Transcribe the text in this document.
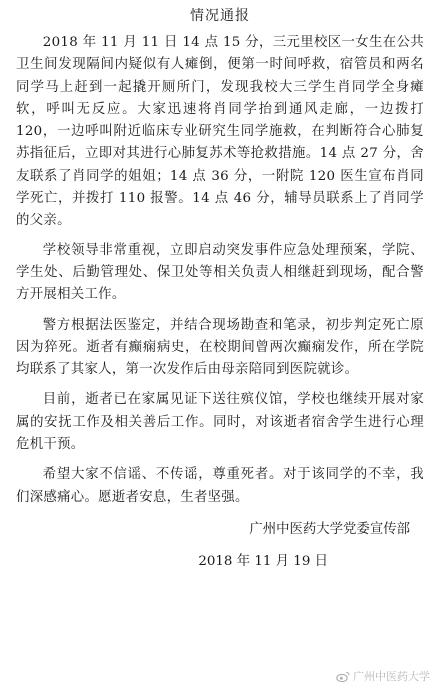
情况通报

2018 年 11 月 11 日 14 点 15 分，三元里校区一女生在公共卫生间发现隔间内疑似有人瘫倒，便第一时间呼救，宿管员和两名同学马上赶到一起撬开厕所门，发现我校大三学生肖同学全身瘫软，呼叫无反应。大家迅速将肖同学抬到通风走廊，一边拨打 120，一边呼叫附近临床专业研究生同学施救，在判断符合心肺复苏指征后，立即对其进行心肺复苏术等抢救措施。14 点 27 分，舍友联系了肖同学的姐姐；14 点 36 分，一附院 120 医生宣布肖同学死亡，并拨打 110 报警。14 点 46 分，辅导员联系上了肖同学的父亲。

学校领导非常重视，立即启动突发事件应急处理预案，学院、学生处、后勤管理处、保卫处等相关负责人相继赶到现场，配合警方开展相关工作。

警方根据法医鉴定，并结合现场勘查和笔录，初步判定死亡原因为猝死。逝者有癫痫病史，在校期间曾两次癫痫发作，所在学院均联系了其家人，第一次发作后由母亲陪同到医院就诊。

目前，逝者已在家属见证下送往殡仪馆，学校也继续开展对家属的安抚工作及相关善后工作。同时，对该逝者宿舍学生进行心理危机干预。

希望大家不信谣、不传谣，尊重死者。对于该同学的不幸，我们深感痛心。愿逝者安息，生者坚强。

广州中医药大学党委宣传部
2018 年 11 月 19 日
广州中医药大学
